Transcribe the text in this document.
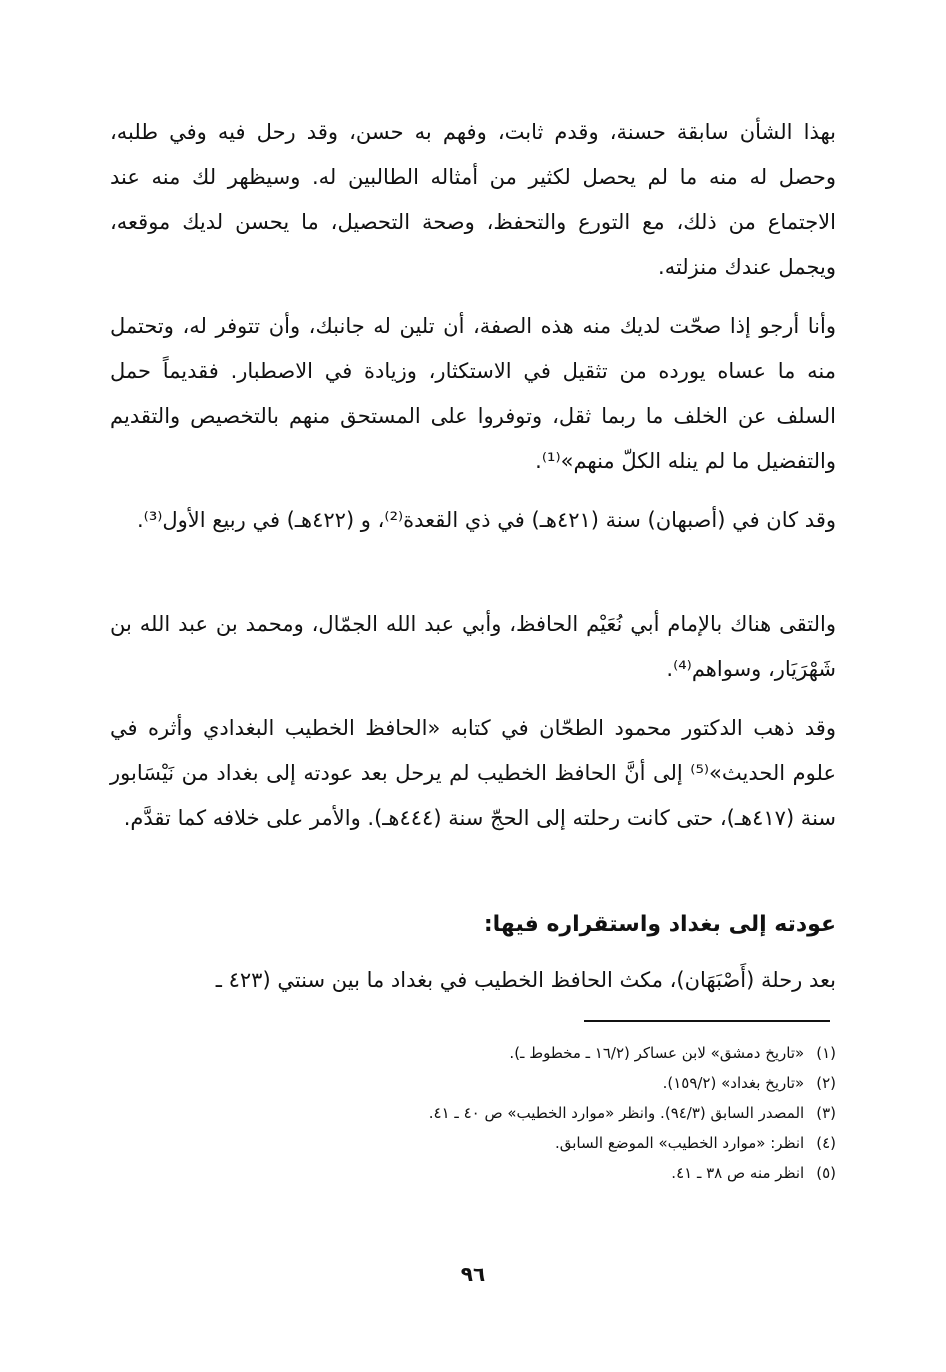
بهذا الشأن سابقة حسنة، وقدم ثابت، وفهم به حسن، وقد رحل فيه وفي طلبه، وحصل له منه ما لم يحصل لكثير من أمثاله الطالبين له. وسيظهر لك منه عند الاجتماع من ذلك، مع التورع والتحفظ، وصحة التحصيل، ما يحسن لديك موقعه، ويجمل عندك منزلته.

وأنا أرجو إذا صحّت لديك منه هذه الصفة، أن تلين له جانبك، وأن تتوفر له، وتحتمل منه ما عساه يورده من تثقيل في الاستكثار، وزيادة في الاصطبار. فقديماً حمل السلف عن الخلف ما ربما ثقل، وتوفروا على المستحق منهم بالتخصيص والتقديم والتفضيل ما لم ينله الكلّ منهم»⁽¹⁾.

وقد كان في (أصبهان) سنة (٤٢١هـ) في ذي القعدة⁽²⁾، و (٤٢٢هـ) في ربيع الأول⁽³⁾.

والتقى هناك بالإمام أبي نُعَيْم الحافظ، وأبي عبد الله الجمّال، ومحمد بن عبد الله بن شَهْرَيَار، وسواهم⁽⁴⁾.

وقد ذهب الدكتور محمود الطحّان في كتابه «الحافظ الخطيب البغدادي وأثره في علوم الحديث»⁽⁵⁾ إلى أنَّ الحافظ الخطيب لم يرحل بعد عودته إلى بغداد من نَيْسَابور سنة (٤١٧هـ)، حتى كانت رحلته إلى الحجّ سنة (٤٤٤هـ). والأمر على خلافه كما تقدَّم.

عودته إلى بغداد واستقراره فيها:

بعد رحلة (أَصْبَهَان)، مكث الحافظ الخطيب في بغداد ما بين سنتي (٤٢٣ ـ

(١)«تاريخ دمشق» لابن عساكر (١٦/٢ ـ مخطوط ـ).
(٢)«تاريخ بغداد» (١٥٩/٢).
(٣)المصدر السابق (٩٤/٣). وانظر «موارد الخطيب» ص ٤٠ ـ ٤١.
(٤)انظر: «موارد الخطيب» الموضع السابق.
(٥)انظر منه ص ٣٨ ـ ٤١.
٩٦
